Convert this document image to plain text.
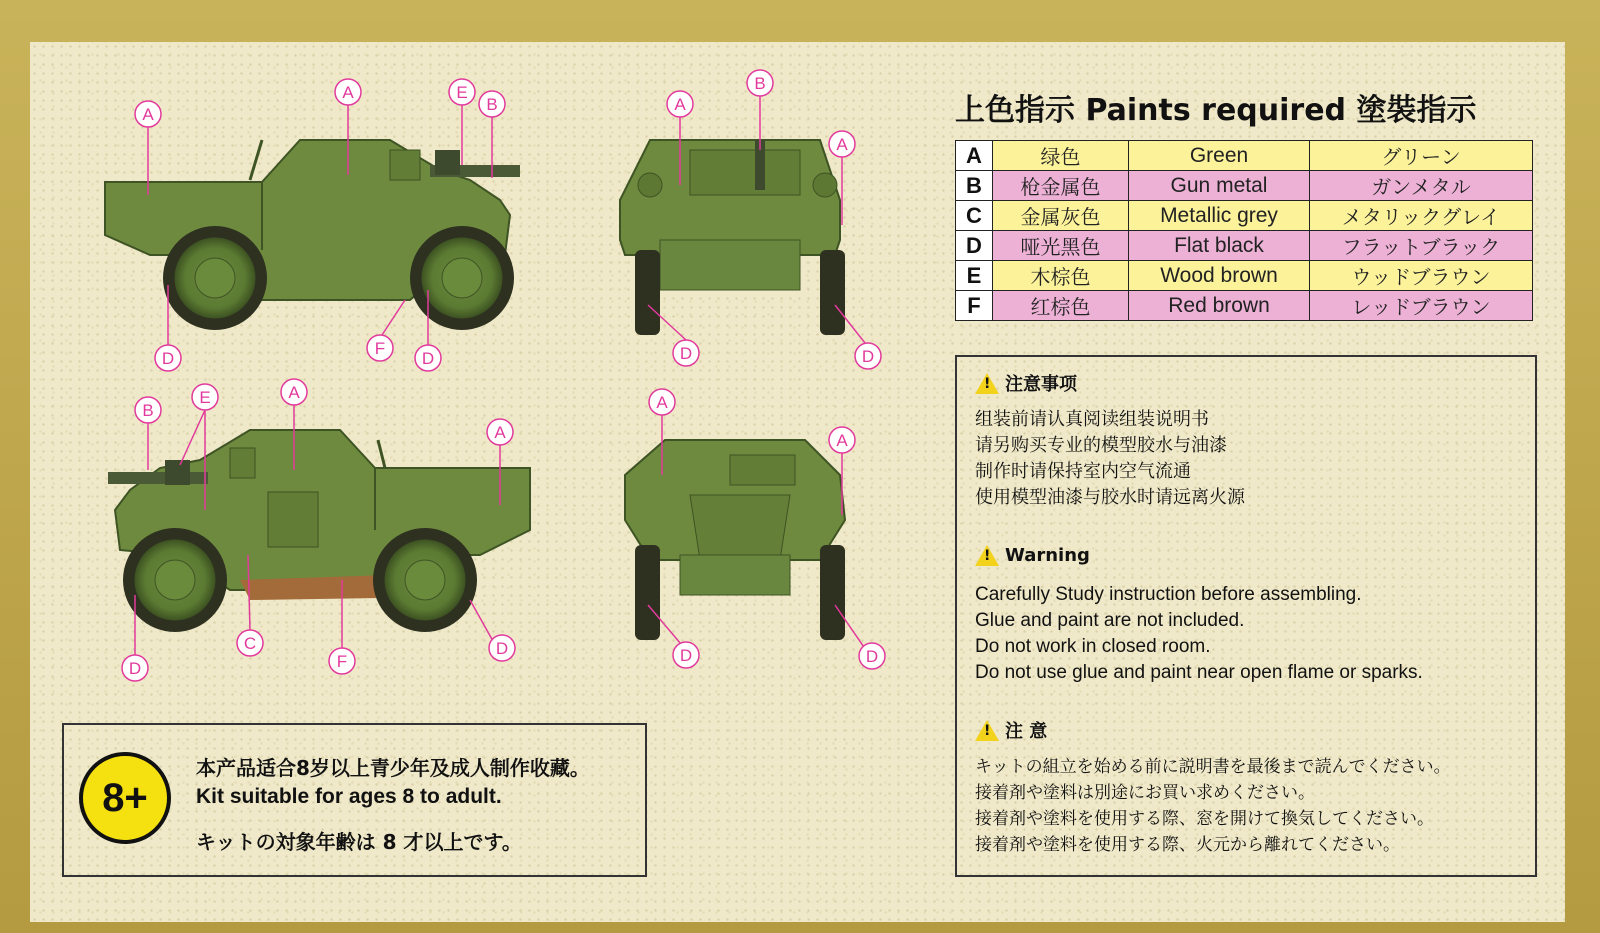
A
A	E
B
D
F
D
A
B
A
D	D
B
E	A
A
D
C
F
D
A
A
D	D
上色指示 Paints required 塗裝指示
A	绿色	Green	グリーン
B	枪金属色	Gun metal	ガンメタル
C	金属灰色	Metallic grey	メタリックグレイ
D	哑光黑色	Flat black	フラットブラック
E	木棕色	Wood brown	ウッドブラウン
F	红棕色	Red brown	レッドブラウン
! 注意事项
组装前请认真阅读组装说明书
请另购买专业的模型胶水与油漆
制作时请保持室内空气流通
使用模型油漆与胶水时请远离火源
! Warning
Carefully Study instruction before assembling.
Glue and paint are not included.
Do not work in closed room.
Do not use glue and paint near open flame or sparks.
! 注 意
キットの組立を始める前に説明書を最後まで読んでください。
接着剤や塗料は別途にお買い求めください。
接着剤や塗料を使用する際、窓を開けて換気してください。
接着剤や塗料を使用する際、火元から離れてください。
8+
本产品适合8岁以上青少年及成人制作收藏。
Kit suitable for ages 8 to adult.
キットの対象年齢は 8 才以上です。
